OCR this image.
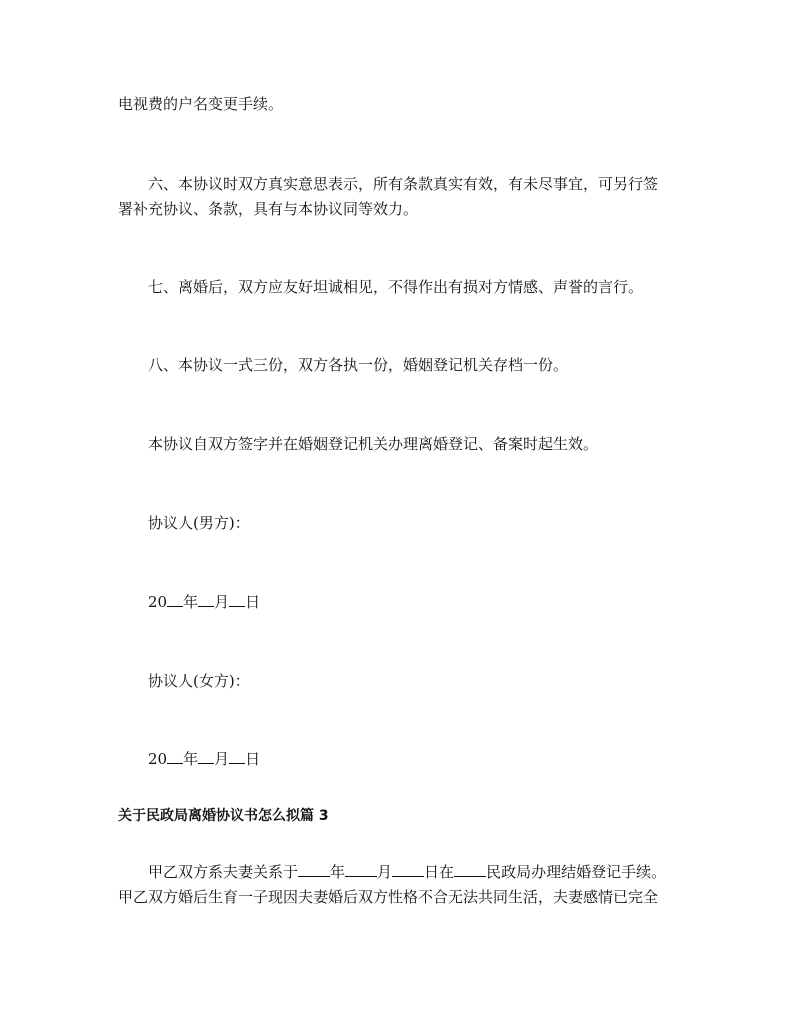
电视费的户名变更手续。
六、本协议时双方真实意思表示，所有条款真实有效，有未尽事宜，可另行签
署补充协议、条款，具有与本协议同等效力。
七、离婚后，双方应友好坦诚相见，不得作出有损对方情感、声誉的言行。
八、本协议一式三份，双方各执一份，婚姻登记机关存档一份。
本协议自双方签字并在婚姻登记机关办理离婚登记、备案时起生效。
协议人(男方)：
20 年 月 日
协议人(女方)：
20 年 月 日
关于民政局离婚协议书怎么拟篇 3
甲乙双方系夫妻关系于 年 月 日在 民政局办理结婚登记手续。
甲乙双方婚后生育一子现因夫妻婚后双方性格不合无法共同生活，夫妻感情已完全
